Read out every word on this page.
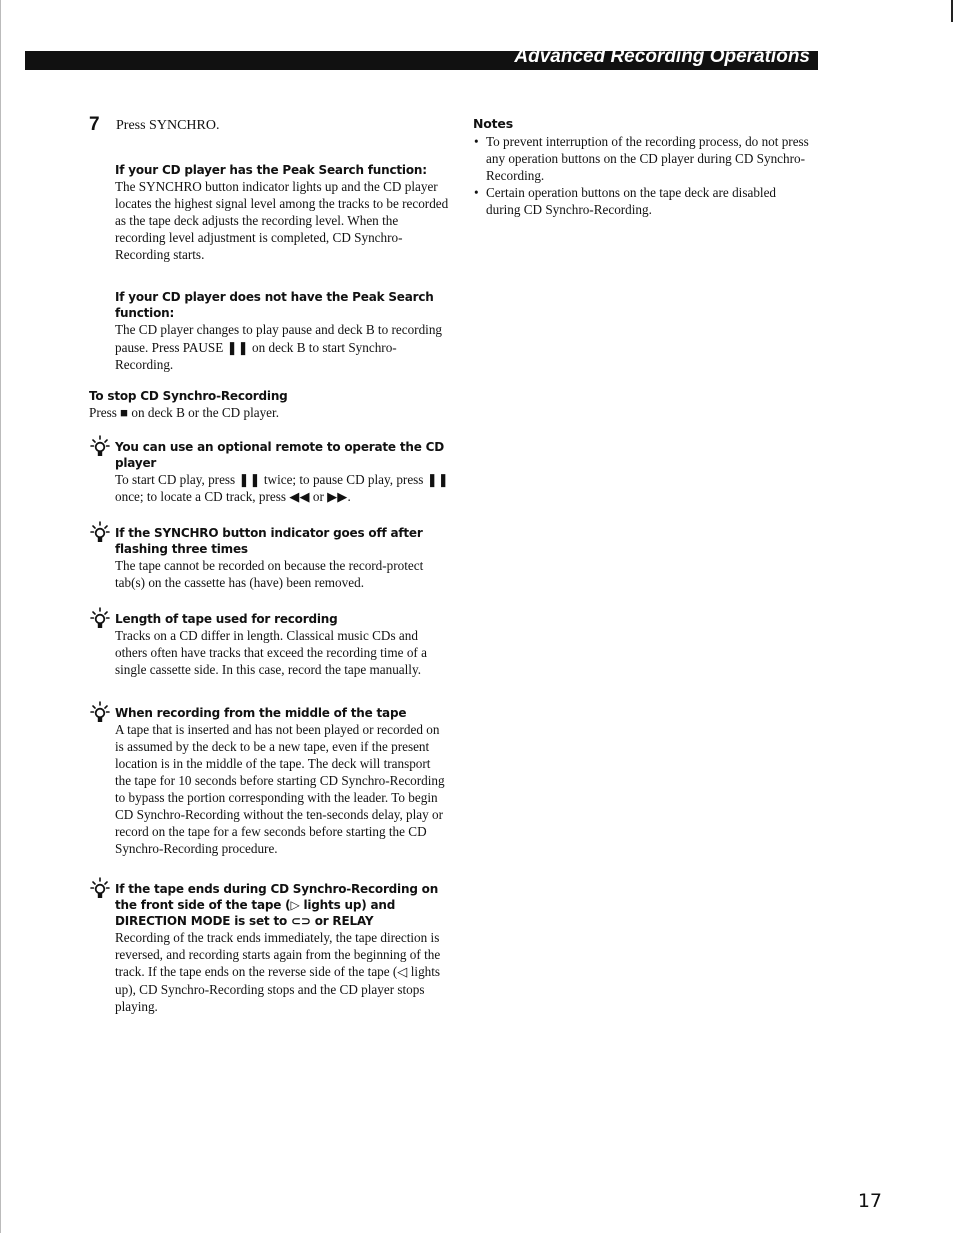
Advanced Recording Operations
7 Press SYNCHRO.
If your CD player has the Peak Search function:

The SYNCHRO button indicator lights up and the CD player locates the highest signal level among the tracks to be recorded as the tape deck adjusts the recording level. When the recording level adjustment is completed, CD Synchro-Recording starts.

If your CD player does not have the Peak Search function:

The CD player changes to play pause and deck B to recording pause. Press PAUSE ❚❚ on deck B to start Synchro-Recording.

To stop CD Synchro-Recording

Press ■ on deck B or the CD player.

You can use an optional remote to operate the CD player

To start CD play, press ❚❚ twice; to pause CD play, press ❚❚ once; to locate a CD track, press ◀◀ or ▶▶.

If the SYNCHRO button indicator goes off after flashing three times

The tape cannot be recorded on because the record-protect tab(s) on the cassette has (have) been removed.

Length of tape used for recording

Tracks on a CD differ in length. Classical music CDs and others often have tracks that exceed the recording time of a single cassette side. In this case, record the tape manually.

When recording from the middle of the tape

A tape that is inserted and has not been played or recorded on is assumed by the deck to be a new tape, even if the present location is in the middle of the tape. The deck will transport the tape for 10 seconds before starting CD Synchro-Recording to bypass the portion corresponding with the leader. To begin CD Synchro-Recording without the ten-seconds delay, play or record on the tape for a few seconds before starting the CD Synchro-Recording procedure.

If the tape ends during CD Synchro-Recording on the front side of the tape (▷ lights up) and DIRECTION MODE is set to ⊂⊃ or RELAY

Recording of the track ends immediately, the tape direction is reversed, and recording starts again from the beginning of the track. If the tape ends on the reverse side of the tape (◁ lights up), CD Synchro-Recording stops and the CD player stops playing.

Notes
• To prevent interruption of the recording process, do not press any operation buttons on the CD player during CD Synchro-Recording.
• Certain operation buttons on the tape deck are disabled during CD Synchro-Recording.
17
